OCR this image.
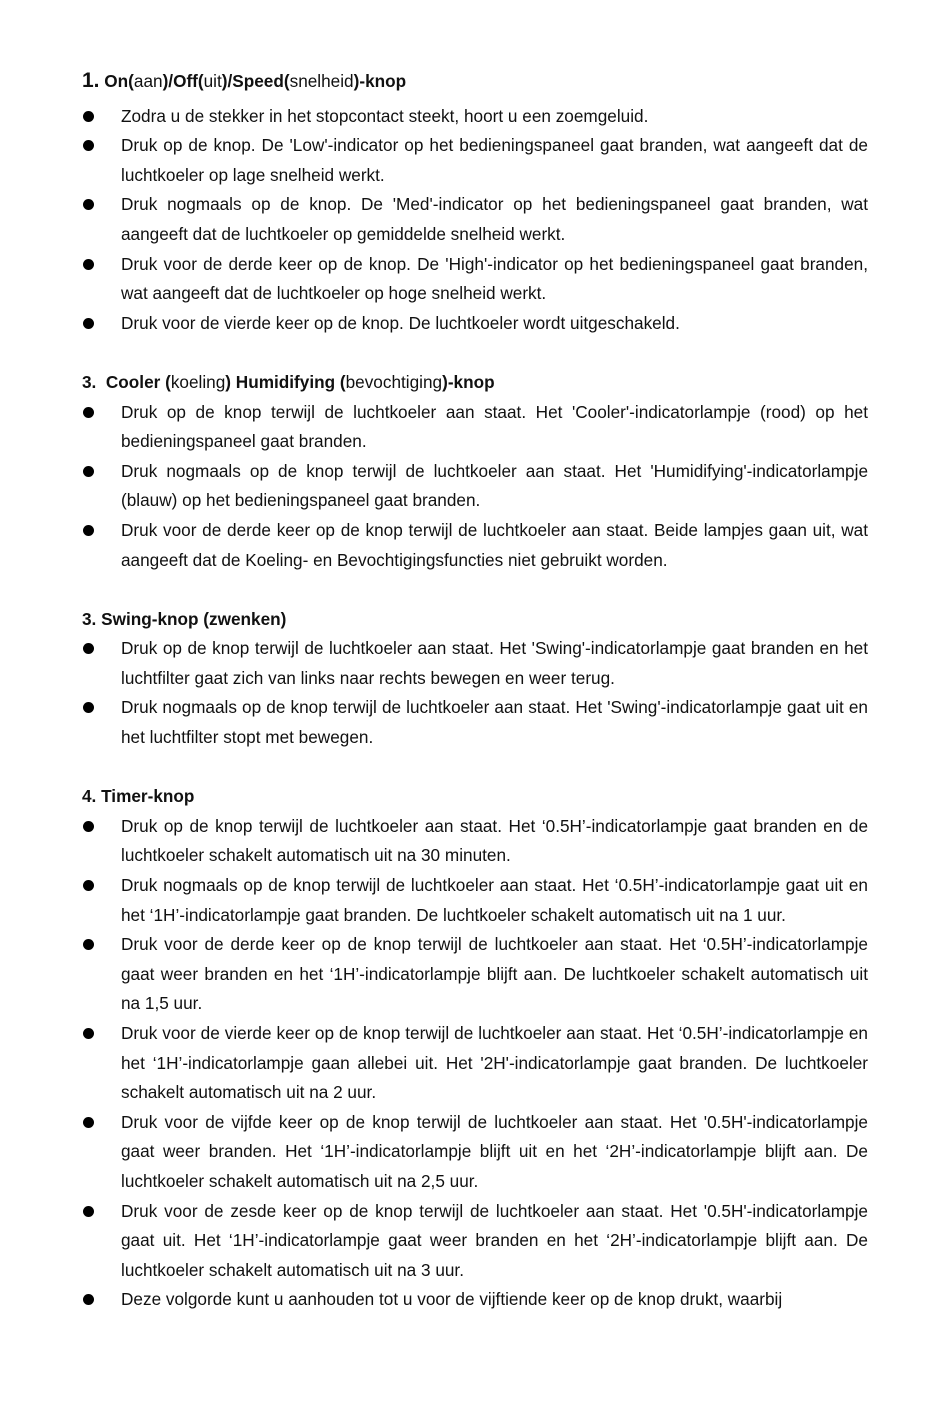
1. On(aan)/Off(uit)/Speed(snelheid)-knop

Zodra u de stekker in het stopcontact steekt, hoort u een zoemgeluid.
Druk op de knop. De 'Low'-indicator op het bedieningspaneel gaat branden, wat aangeeft dat de luchtkoeler op lage snelheid werkt.
Druk nogmaals op de knop. De 'Med'-indicator op het bedieningspaneel gaat branden, wat aangeeft dat de luchtkoeler op gemiddelde snelheid werkt.
Druk voor de derde keer op de knop. De 'High'-indicator op het bedieningspaneel gaat branden, wat aangeeft dat de luchtkoeler op hoge snelheid werkt.
Druk voor de vierde keer op de knop. De luchtkoeler wordt uitgeschakeld.

3.  Cooler (koeling) Humidifying (bevochtiging)-knop

Druk op de knop terwijl de luchtkoeler aan staat. Het 'Cooler'-indicatorlampje (rood) op het bedieningspaneel gaat branden.
Druk nogmaals op de knop terwijl de luchtkoeler aan staat. Het 'Humidifying'-indicatorlampje (blauw) op het bedieningspaneel gaat branden.
Druk voor de derde keer op de knop terwijl de luchtkoeler aan staat. Beide lampjes gaan uit, wat aangeeft dat de Koeling- en Bevochtigingsfuncties niet gebruikt worden.

3. Swing-knop (zwenken)

Druk op de knop terwijl de luchtkoeler aan staat. Het 'Swing'-indicatorlampje gaat branden en het luchtfilter gaat zich van links naar rechts bewegen en weer terug.
Druk nogmaals op de knop terwijl de luchtkoeler aan staat. Het 'Swing'-indicatorlampje gaat uit en het luchtfilter stopt met bewegen.

4. Timer-knop

Druk op de knop terwijl de luchtkoeler aan staat. Het ‘0.5H’-indicatorlampje gaat branden en de luchtkoeler schakelt automatisch uit na 30 minuten.
Druk nogmaals op de knop terwijl de luchtkoeler aan staat. Het ‘0.5H’-indicatorlampje gaat uit en het ‘1H’-indicatorlampje gaat branden. De luchtkoeler schakelt automatisch uit na 1 uur.
Druk voor de derde keer op de knop terwijl de luchtkoeler aan staat. Het ‘0.5H’-indicatorlampje gaat weer branden en het ‘1H’-indicatorlampje blijft aan. De luchtkoeler schakelt automatisch uit na 1,5 uur.
Druk voor de vierde keer op de knop terwijl de luchtkoeler aan staat. Het ‘0.5H’-indicatorlampje en het ‘1H’-indicatorlampje gaan allebei uit. Het '2H'-indicatorlampje gaat branden. De luchtkoeler schakelt automatisch uit na 2 uur.
Druk voor de vijfde keer op de knop terwijl de luchtkoeler aan staat. Het '0.5H'-indicatorlampje gaat weer branden. Het ‘1H’-indicatorlampje blijft uit en het ‘2H’-indicatorlampje blijft aan. De luchtkoeler schakelt automatisch uit na 2,5 uur.
Druk voor de zesde keer op de knop terwijl de luchtkoeler aan staat. Het '0.5H'-indicatorlampje gaat uit. Het ‘1H’-indicatorlampje gaat weer branden en het ‘2H’-indicatorlampje blijft aan. De luchtkoeler schakelt automatisch uit na 3 uur.
Deze volgorde kunt u aanhouden tot u voor de vijftiende keer op de knop drukt, waarbij
